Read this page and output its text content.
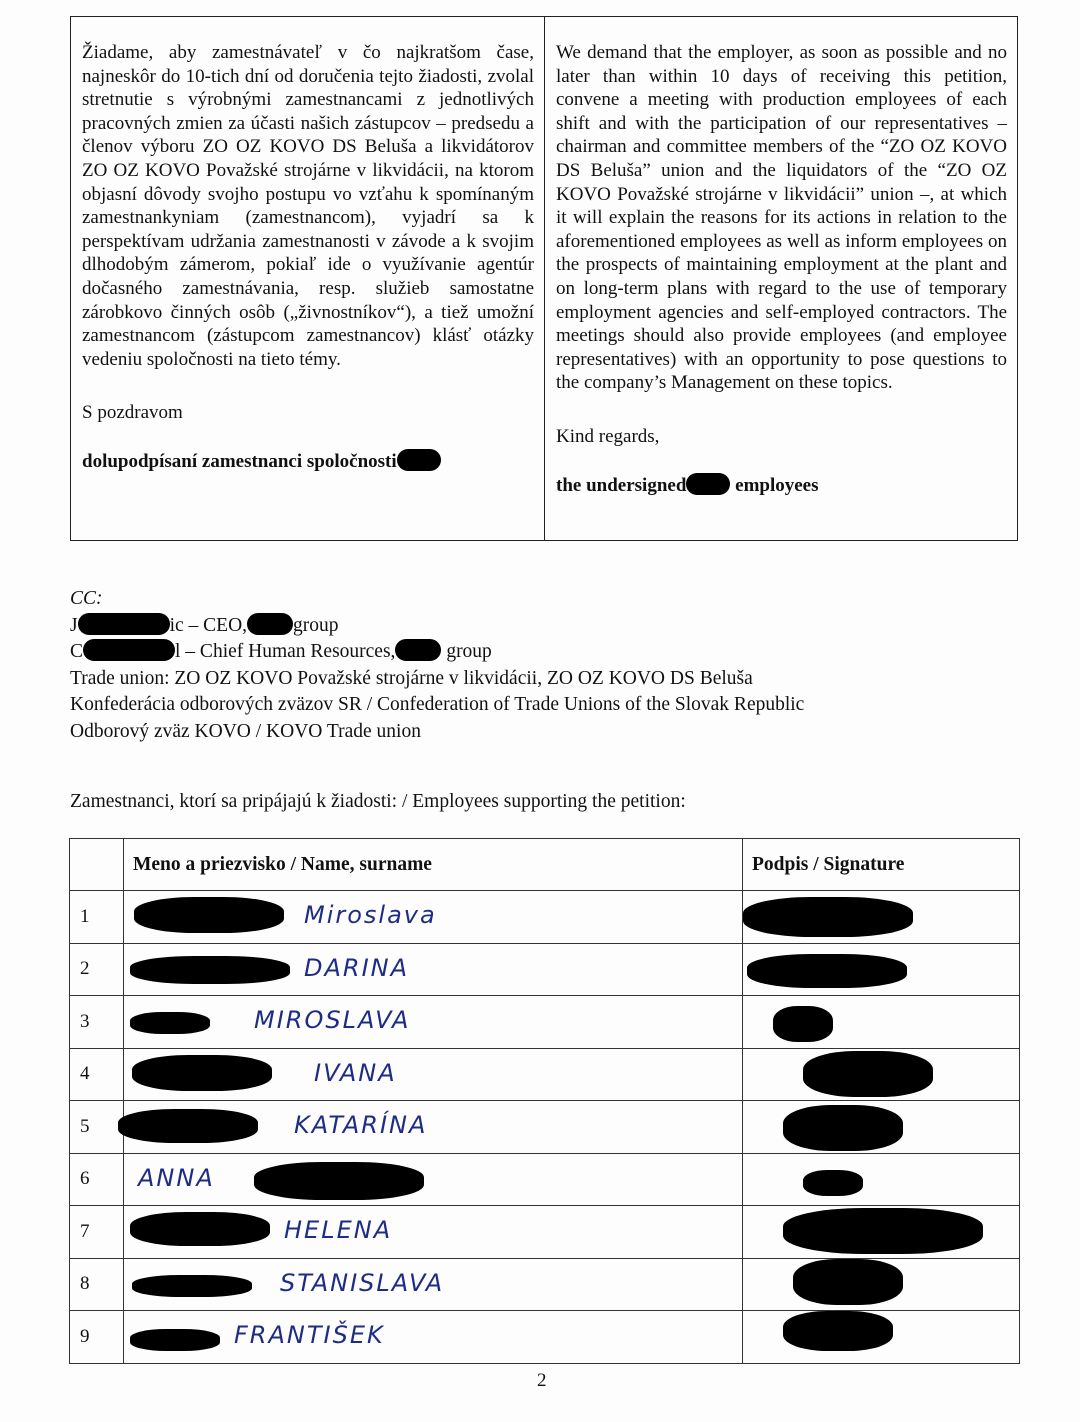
Žiadame, aby zamestnávateľ v čo najkratšom čase, najneskôr do 10-tich dní od doručenia tejto žiadosti, zvolal stretnutie s výrobnými zamestnancami z jednotlivých pracovných zmien za účasti našich zástupcov – predsedu a členov výboru ZO OZ KOVO DS Beluša a likvidátorov ZO OZ KOVO Považské strojárne v likvidácii, na ktorom objasní dôvody svojho postupu vo vzťahu k spomínaným zamestnankyniam (zamestnancom), vyjadrí sa k perspektívam udržania zamestnanosti v závode a k svojim dlhodobým zámerom, pokiaľ ide o využívanie agentúr dočasného zamestnávania, resp. služieb samostatne zárobkovo činných osôb („živnostníkov“), a tiež umožní zamestnancom (zástupcom zamestnancov) klásť otázky vedeniu spoločnosti na tieto témy.

S pozdravom

dolupodpísaní zamestnanci spoločnosti

We demand that the employer, as soon as possible and no later than within 10 days of receiving this petition, convene a meeting with production employees of each shift and with the participation of our representatives – chairman and committee members of the “ZO OZ KOVO DS Beluša” union and the liquidators of the “ZO OZ KOVO Považské strojárne v likvidácii” union –, at which it will explain the reasons for its actions in relation to the aforementioned employees as well as inform employees on the prospects of maintaining employment at the plant and on long-term plans with regard to the use of temporary employment agencies and self-employed contractors. The meetings should also provide employees (and employee representatives) with an opportunity to pose questions to the company’s Management on these topics.

Kind regards,

the undersigned	employees

CC:
J	ic – CEO, group
C	l – Chief Human Resources, group
Trade union: ZO OZ KOVO Považské strojárne v likvidácii, ZO OZ KOVO DS Beluša
Konfederácia odborových zväzov SR / Confederation of Trade Unions of the Slovak Republic
Odborový zväz KOVO / KOVO Trade union
Zamestnanci, ktorí sa pripájajú k žiadosti: / Employees supporting the petition:
	Meno a priezvisko / Name, surname	Podpis / Signature
1	Miroslava	

2	DARINA	

3	MIROSLAVA	

4	IVANA	

5	KATARÍNA	

6	ANNA	

7	HELENA	

8	STANISLAVA	

9	FRANTIŠEK	

2
